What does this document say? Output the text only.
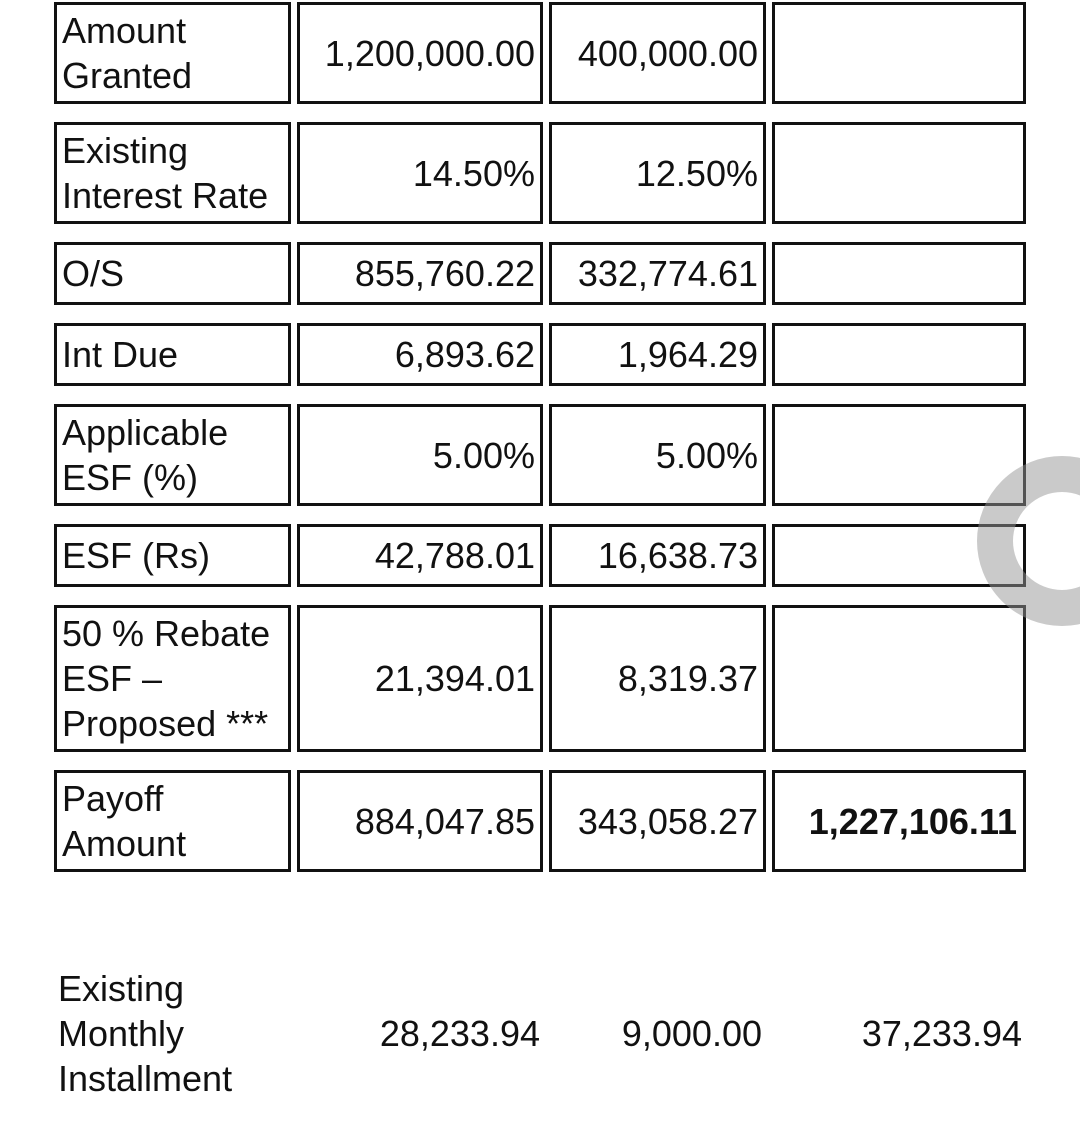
Amount
Granted
1,200,000.00	400,000.00
Existing
Interest Rate
14.50%	12.50%
O/S	855,760.22	332,774.61
Int Due	6,893.62	1,964.29
Applicable
ESF (%)
5.00%	5.00%
ESF (Rs)	42,788.01	16,638.73
50 % Rebate
ESF –
Proposed ***
21,394.01	8,319.37
Payoff
Amount
884,047.85	343,058.27	1,227,106.11
Existing
Monthly
Installment
28,233.94 9,000.00	37,233.94
